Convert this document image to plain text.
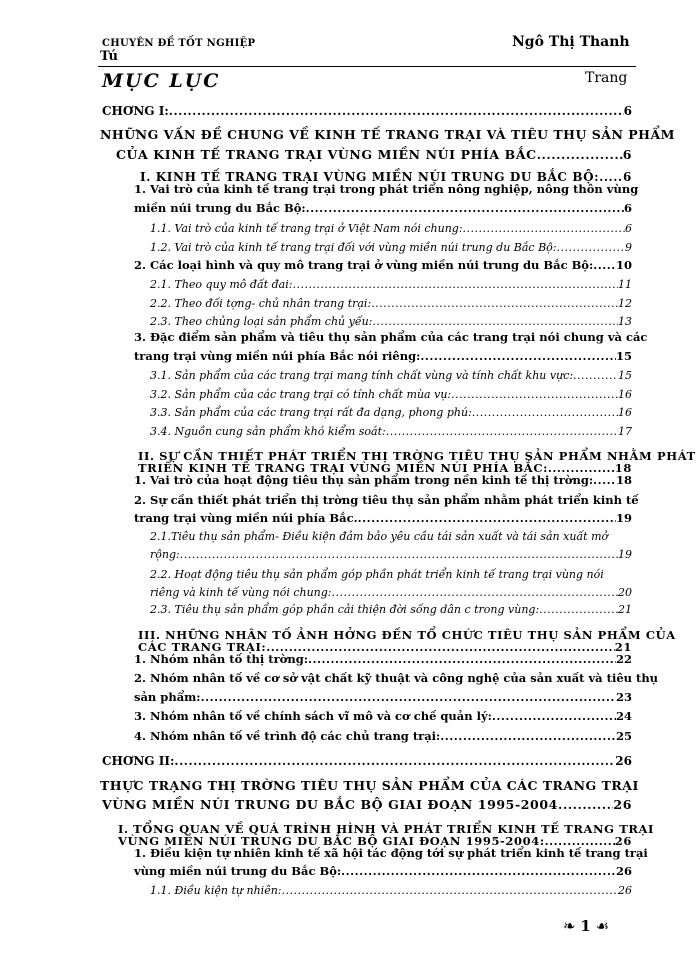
CHUYÊN ĐỀ TỐT NGHIỆP
Tú
Ngô Thị Thanh
MỤC LỤC	Trang
CHƠNG I: .....	6
NHỮNG VẤN ĐỀ CHUNG VỀ KINH TẾ TRANG TRẠI VÀ TIÊU THỤ SẢN PHẨM
CỦA KINH TẾ TRANG TRẠI VÙNG MIỀN NÚI PHÍA BẮC .....	6
I. KINH TẾ TRANG TRẠI VÙNG MIỀN NÚI TRUNG DU BẮC BỘ: ..... 6
1. Vai trò của kinh tế trang trại trong phát triển nông nghiệp, nông thôn vùng
miền núi trung du Bắc Bộ: .....	6
1.1. Vai trò của kinh tế trang trại ở Việt Nam nói chung: .....	6
1.2. Vai trò của kinh tế trang trại đối với vùng miền núi trung du Bắc Bộ: .....	9
2. Các loại hình và quy mô trang trại ở vùng miền núi trung du Bắc Bộ: ..... 10
2.1. Theo quy mô đất đai: .....	11
2.2. Theo đối tợng- chủ nhân trang trại: .....	12
2.3. Theo chủng loại sản phẩm chủ yếu: .....	13
3. Đặc điểm sản phẩm và tiêu thụ sản phẩm của các trang trại nói chung và các
trang trại vùng miền núi phía Bắc nói riêng: .....	15
3.1. Sản phẩm của các trang trại mang tính chất vùng và tính chất khu vực: .....	15
3.2. Sản phẩm của các trang trại có tính chất mùa vụ: .....	16
3.3. Sản phẩm của các trang trại rất đa dạng, phong phú: .....	16
3.4. Nguồn cung sản phẩm khó kiểm soát: .....	17
II. SỰ CẦN THIẾT PHÁT TRIỂN THỊ TRỜNG TIÊU THỤ SẢN PHẨM NHẰM PHÁT
TRIỂN KINH TẾ TRANG TRẠI VÙNG MIỀN NÚI PHÍA BẮC: .....	18
1. Vai trò của hoạt động tiêu thụ sản phẩm trong nền kinh tế thị trờng: ..... 18
2. Sự cần thiết phát triển thị trờng tiêu thụ sản phẩm nhằm phát triển kinh tế
trang trại vùng miền núi phía Bắc. .....	19
2.1.Tiêu thụ sản phẩm- Điều kiện đảm bảo yêu cầu tái sản xuất và tái sản xuất mở
rộng: .....	19
2.2. Hoạt động tiêu thụ sản phẩm góp phần phát triển kinh tế trang trại vùng nói
riêng và kinh tế vùng nói chung: .....	20
2.3. Tiêu thụ sản phẩm góp phần cải thiện đời sống dân c trong vùng: .....	21
III. NHỮNG NHÂN TỐ ẢNH HỞNG ĐẾN TỔ CHỨC TIÊU THỤ SẢN PHẨM CỦA
CÁC TRANG TRẠI: .....	21
1. Nhóm nhân tố thị trờng: .....	22
2. Nhóm nhân tố về cơ sở vật chất kỹ thuật và công nghệ của sản xuất và tiêu thụ
sản phẩm: .....	23
3. Nhóm nhân tố về chính sách vĩ mô và cơ chế quản lý: .....	24
4. Nhóm nhân tố về trình độ các chủ trang trại: .....	25
CHƠNG II: .....	26
THỰC TRẠNG THỊ TRỜNG TIÊU THỤ SẢN PHẨM CỦA CÁC TRANG TRẠI
VÙNG MIỀN NÚI TRUNG DU BẮC BỘ GIAI ĐOẠN 1995-2004. .....	26
I. TỔNG QUAN VỀ QUÁ TRÌNH HÌNH VÀ PHÁT TRIỂN KINH TẾ TRANG TRẠI
VÙNG MIỀN NÚI TRUNG DU BẮC BỘ GIAI ĐOẠN 1995-2004: .....	26
1. Điều kiện tự nhiên kinh tế xã hội tác động tới sự phát triển kinh tế trang trại
vùng miền núi trung du Bắc Bộ: .....	26
1.1. Điều kiện tự nhiên: .....	26
❧ 1 ☙
